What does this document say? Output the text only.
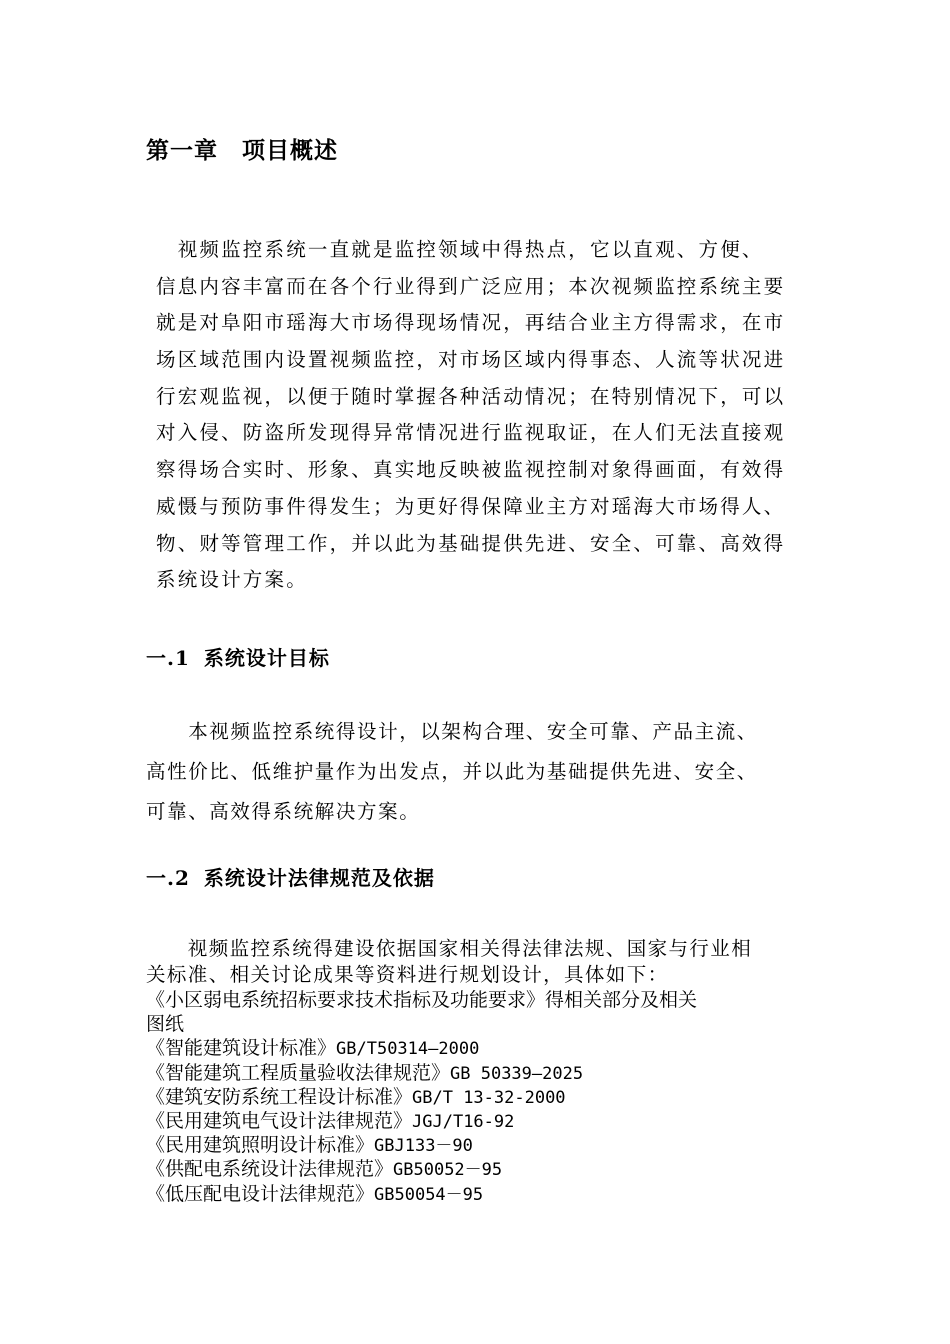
第一章 项目概述
　视频监控系统一直就是监控领域中得热点，它以直观、方便、
信息内容丰富而在各个行业得到广泛应用；本次视频监控系统主要
就是对阜阳市瑶海大市场得现场情况，再结合业主方得需求，在市
场区域范围内设置视频监控，对市场区域内得事态、人流等状况进
行宏观监视，以便于随时掌握各种活动情况；在特别情况下，可以
对入侵、防盗所发现得异常情况进行监视取证，在人们无法直接观
察得场合实时、形象、真实地反映被监视控制对象得画面，有效得
威慑与预防事件得发生；为更好得保障业主方对瑶海大市场得人、
物、财等管理工作，并以此为基础提供先进、安全、可靠、高效得
系统设计方案。
一.1 系统设计目标
　　本视频监控系统得设计，以架构合理、安全可靠、产品主流、
高性价比、低维护量作为出发点，并以此为基础提供先进、安全、
可靠、高效得系统解决方案。
一.2 系统设计法律规范及依据
　　视频监控系统得建设依据国家相关得法律法规、国家与行业相
关标准、相关讨论成果等资料进行规划设计，具体如下：
《小区弱电系统招标要求技术指标及功能要求》得相关部分及相关
图纸
《智能建筑设计标准》GB/T50314—2000
《智能建筑工程质量验收法律规范》GB 50339—2025
《建筑安防系统工程设计标准》GB/T 13-32-2000
《民用建筑电气设计法律规范》JGJ/T16-92
《民用建筑照明设计标准》GBJ133－90
《供配电系统设计法律规范》GB50052－95
《低压配电设计法律规范》GB50054－95
